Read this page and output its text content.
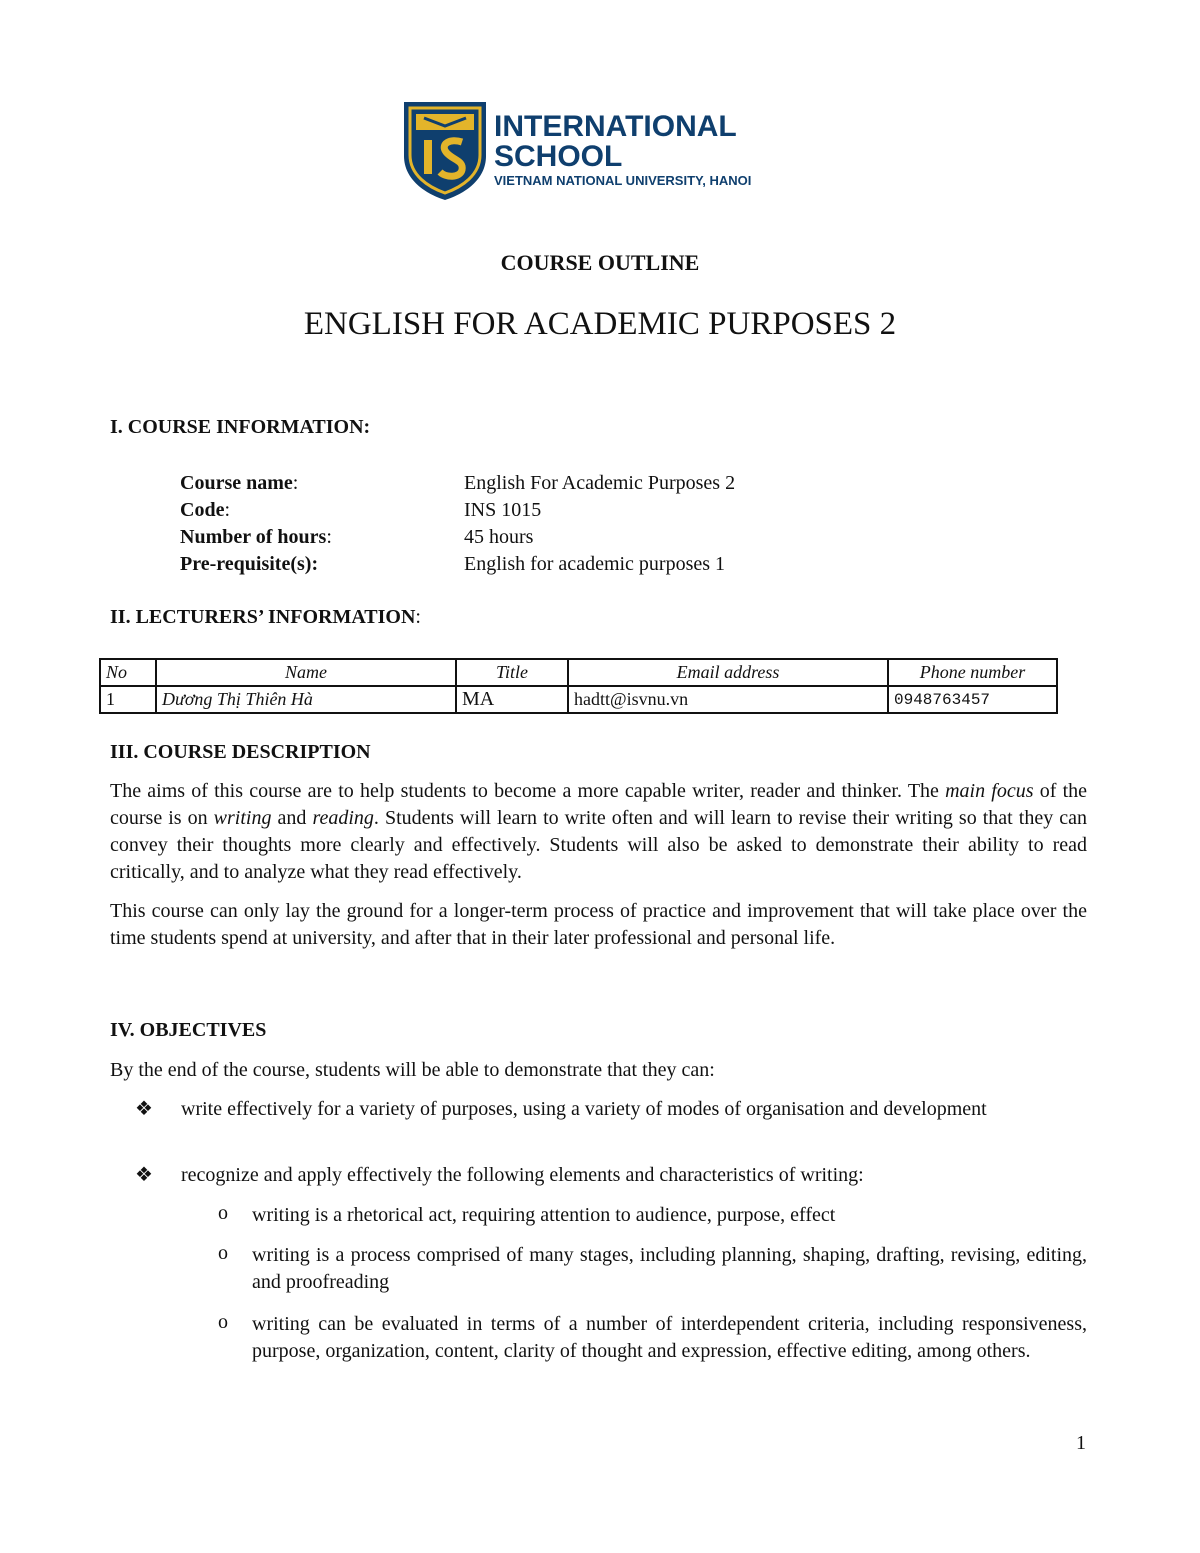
INTERNATIONAL
SCHOOL
VIETNAM NATIONAL UNIVERSITY, HANOI
COURSE OUTLINE
ENGLISH FOR ACADEMIC PURPOSES 2
I. COURSE INFORMATION:
Course name:	English For Academic Purposes 2
Code:	INS 1015
Number of hours:	45 hours
Pre-requisite(s):	English for academic purposes 1
II. LECTURERS’ INFORMATION:
No	Name	Title	Email address	Phone number
1	Dương Thị Thiên Hà	MA	hadtt@isvnu.vn	0948763457
III. COURSE DESCRIPTION
The aims of this course are to help students to become a more capable writer, reader and thinker. The main focus of the course is on writing and reading. Students will learn to write often and will learn to revise their writing so that they can convey their thoughts more clearly and effectively. Students will also be asked to demonstrate their ability to read critically, and to analyze what they read effectively.
This course can only lay the ground for a longer-term process of practice and improvement that will take place over the time students spend at university, and after that in their later professional and personal life.
IV. OBJECTIVES
By the end of the course, students will be able to demonstrate that they can:
❖ write effectively for a variety of purposes, using a variety of modes of organisation and development
❖ recognize and apply effectively the following elements and characteristics of writing:
o writing is a rhetorical act, requiring attention to audience, purpose, effect
o writing is a process comprised of many stages, including planning, shaping, drafting, revising, editing, and proofreading
o writing can be evaluated in terms of a number of interdependent criteria, including responsiveness, purpose, organization, content, clarity of thought and expression, effective editing, among others.
1
